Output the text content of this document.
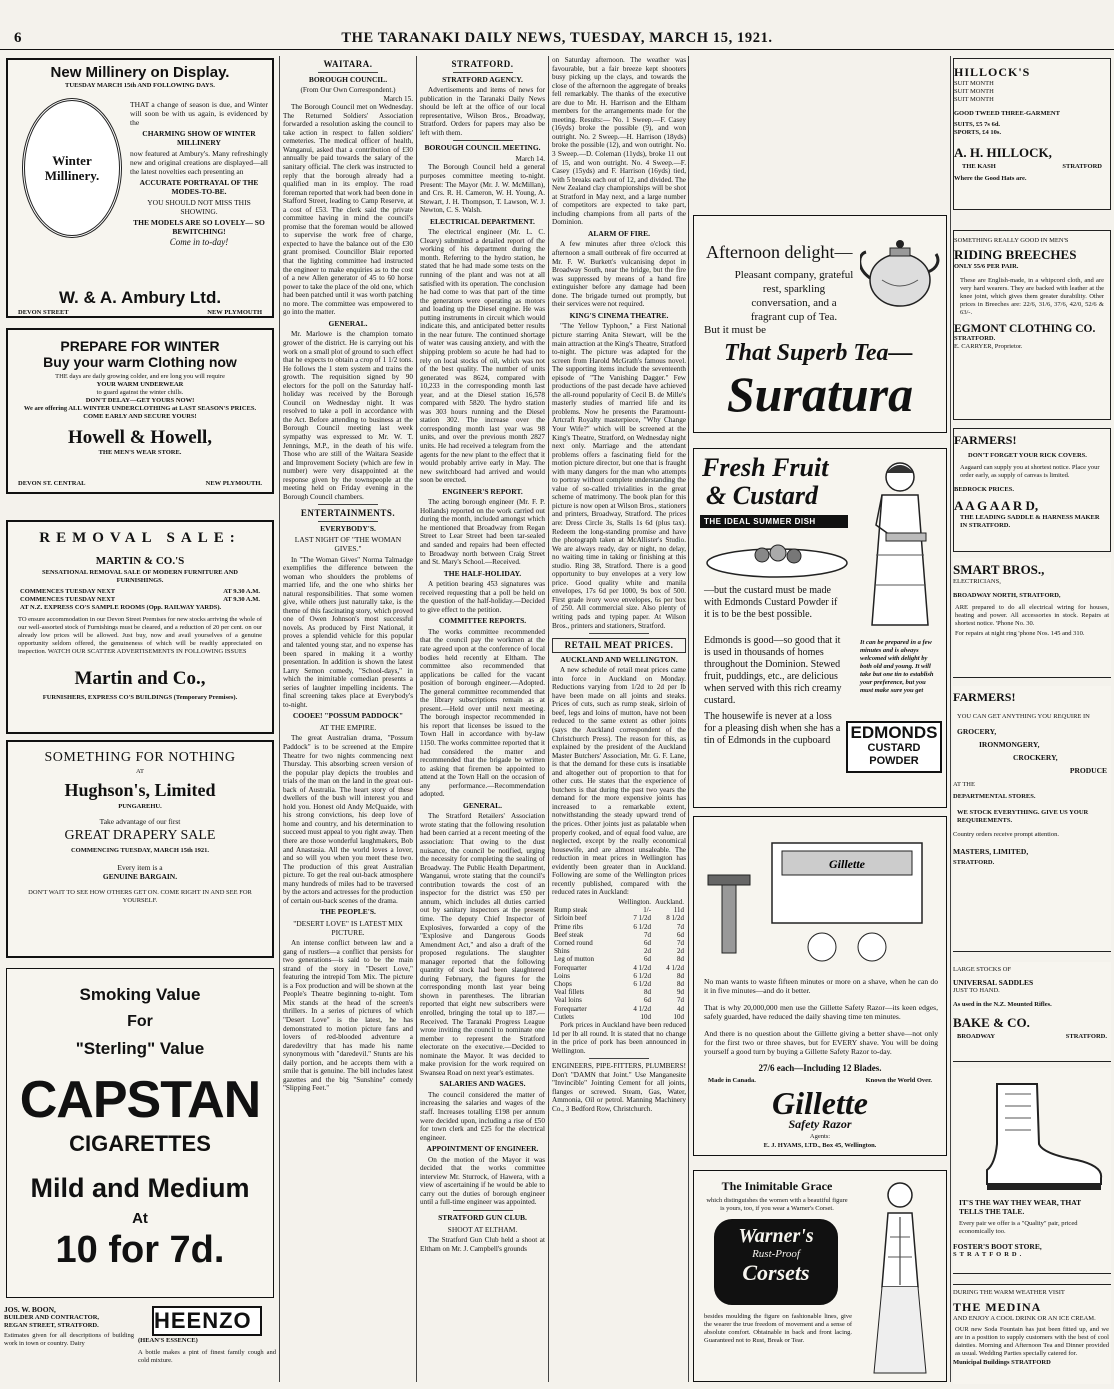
6	THE TARANAKI DAILY NEWS, TUESDAY, MARCH 15, 1921.
New Millinery on Display.
TUESDAY MARCH 15th AND FOLLOWING DAYS.
Winter Millinery.
THAT a change of season is due, and Winter will soon be with us again, is evidenced by the
CHARMING SHOW OF WINTER MILLINERY
now featured at Ambury's. Many refreshingly new and original creations are displayed—all the latest novelties each presenting an
ACCURATE PORTRAYAL OF THE MODES-TO-BE.
YOU SHOULD NOT MISS THIS SHOWING.
THE MODELS ARE SO LOVELY— SO BEWITCHING!
Come in to-day!
W. & A. Ambury Ltd.
DEVON STREET	NEW PLYMOUTH
PREPARE FOR WINTER
Buy your warm Clothing now
THE days are daily growing colder, and ere long you will require
YOUR WARM UNDERWEAR
to guard against the winter chills.
DON'T DELAY—GET YOURS NOW!
We are offering ALL WINTER UNDERCLOTHING at LAST SEASON'S PRICES.
COME EARLY AND SECURE YOURS!
Howell & Howell,
THE MEN'S WEAR STORE.
DEVON ST. CENTRAL	NEW PLYMOUTH.
REMOVAL SALE:
MARTIN & CO.'S
SENSATIONAL REMOVAL SALE OF MODERN FURNITURE AND FURNISHINGS.
COMMENCES TUESDAY NEXT	AT 9.30 A.M.
COMMENCES TUESDAY NEXT	AT 9.30 A.M.
AT N.Z. EXPRESS CO'S SAMPLE ROOMS (Opp. RAILWAY YARDS).
TO ensure accommodation in our Devon Street Premises for new stocks arriving the whole of our well-assorted stock of Furnishings must be cleared, and a reduction of 20 per cent. on our already low prices will be allowed. Just buy, now and avail yourselves of a genuine opportunity seldom offered, the genuineness of which will be readily appreciated on inspection. WATCH OUR SCATTER ADVERTISEMENTS IN FOLLOWING ISSUES
Martin and Co.,
FURNISHERS, EXPRESS CO'S BUILDINGS (Temporary Premises).
SOMETHING FOR NOTHING
AT
Hughson's, Limited
PUNGAREHU.
Take advantage of our first
GREAT DRAPERY SALE
COMMENCING TUESDAY, MARCH 15th 1921.
Every item is a
GENUINE BARGAIN.
DON'T WAIT TO SEE HOW OTHERS GET ON. COME RIGHT IN AND SEE FOR YOURSELF.
Smoking Value
For
"Sterling" Value
CAPSTAN
CIGARETTES
Mild and Medium
At
10 for 7d.
JOS. W. BOON,
BUILDER AND CONTRACTOR,
REGAN STREET, STRATFORD.
Estimates given for all descriptions of building work in town or country. Dairy
HEENZO
(HEAN'S ESSENCE)
A bottle makes a pint of finest family cough and cold mixture.
WAITARA.
BOROUGH COUNCIL.
(From Our Own Correspondent.)
March 15.

The Borough Council met on Wednesday. The Returned Soldiers' Association forwarded a resolution asking the council to take action in respect to fallen soldiers' cemeteries. The medical officer of health, Wanganui, asked that a contribution of £30 annually be paid towards the salary of the sanitary official. The clerk was instructed to reply that the borough already had a qualified man in its employ. The road foreman reported that work had been done in Stafford Street, leading to Camp Reserve, at a cost of £53. The clerk said the private committee having in mind the council's promise that the foreman would be allowed to supervise the work free of charge, expected to have the balance out of the £30 grant promised. Councillor Blair reported that the lighting committee had instructed the engineer to make enquiries as to the cost of a new Allen generator of 45 to 60 horse power to take the place of the old one, which had been patched until it was worth patching no more. The committee was empowered to go into the matter.

GENERAL.

Mr. Marlowe is the champion tomato grower of the district. He is carrying out his work on a small plot of ground to such effect that he expects to obtain a crop of 1 1/2 tons. He follows the 1 stem system and trains the growth. The requisition signed by 90 electors for the poll on the Saturday half-holiday was received by the Borough Council on Wednesday night. It was resolved to take a poll in accordance with the Act. Before attending to business at the Borough Council meeting last week sympathy was expressed to Mr. W. T. Jennings, M.P., in the death of his wife. Those who are still of the Waitara Seaside and Improvement Society (which are few in number) were very disappointed at the response given by the townspeople at the meeting held on Friday evening in the Borough Council chambers.

ENTERTAINMENTS.
EVERYBODY'S.
LAST NIGHT OF "THE WOMAN GIVES."

In "The Woman Gives" Norma Talmadge exemplifies the difference between the woman who shoulders the problems of married life, and the one who shirks her natural responsibilities. That some women give, while others just naturally take, is the theme of this fascinating story, which proved one of Owen Johnson's most successful novels. As produced by First National, it proves a splendid vehicle for this popular and talented young star, and no expense has been spared in making it a worthy presentation. In addition is shown the latest Larry Semon comedy, "School-days," in which the inimitable comedian presents a series of laughter impelling incidents. The final screening takes place at Everybody's to-night.

COOEE! "POSSUM PADDOCK"
AT THE EMPIRE.

The great Australian drama, "Possum Paddock" is to be screened at the Empire Theatre for two nights commencing next Thursday. This absorbing screen version of the popular play depicts the troubles and trials of the man on the land in the great out-back of Australia. The heart story of these dwellers of the bush will interest you and hold you. Honest old Andy McQuaide, with his strong convictions, his deep love of home and country, and his determination to succeed must appeal to you right away. Then there are those wonderful laughmakers, Bob and Anastasia. All the world loves a lover, and so will you when you meet these two. The production of this great Australian picture. To get the real out-back atmosphere many hundreds of miles had to be traversed by the actors and actresses for the production of certain out-back scenes of the drama.

THE PEOPLE'S.
"DESERT LOVE" IS LATEST MIX PICTURE.

An intense conflict between law and a gang of rustlers—a conflict that persists for two generations—is said to be the main strand of the story in "Desert Love," featuring the intrepid Tom Mix. The picture is a Fox production and will be shown at the People's Theatre beginning to-night. Tom Mix stands at the head of the screen's thrillers. In a series of pictures of which "Desert Love" is the latest, he has demonstrated to motion picture fans and lovers of red-blooded adventure a daredeviltry that has made his name synonymous with "daredevil." Stunts are his daily portion, and he accepts them with a smile that is genuine. The bill includes latest gazettes and the big "Sunshine" comedy "Slipping Feet."

STRATFORD.
STRATFORD AGENCY.

Advertisements and items of news for publication in the Taranaki Daily News should be left at the office of our local representative, Wilson Bros., Broadway, Stratford. Orders for papers may also be left with them.

BOROUGH COUNCIL MEETING.
March 14.

The Borough Council held a general purposes committee meeting to-night. Present: The Mayor (Mr. J. W. McMillan), and Crs. R. H. Cameron, W. H. Young, A. Stewart, J. H. Thompson, T. Lawson, W. J. Newton, C. S. Walsh.

ELECTRICAL DEPARTMENT.

The electrical engineer (Mr. L. C. Cleary) submitted a detailed report of the working of his department during the month. Referring to the hydro station, he stated that he had made some tests on the running of the plant and was not at all satisfied with its operation. The conclusion he had come to was that part of the time the generators were operating as motors and loading up the Diesel engine. He was putting instruments in circuit which would indicate this, and anticipated better results in the near future. The continued shortage of water was causing anxiety, and with the shipping problem so acute he had had to rely on local stocks of oil, which was not of the best quality. The number of units generated was 8624, compared with 10,233 in the corresponding month last year, and at the Diesel station 16,578 compared with 5820. The hydro station was 303 hours running and the Diesel station 302. The increase over the corresponding month last year was 98 units, and over the previous month 2827 units. He had received a telegram from the agents for the new plant to the effect that it would probably arrive early in May. The new switchboard had arrived and would soon be erected.

ENGINEER'S REPORT.

The acting borough engineer (Mr. F. P. Hollands) reported on the work carried out during the month, included amongst which he mentioned that Broadway from Regan Street to Lear Street had been tar-sealed and sanded and repairs had been effected to Broadway north between Craig Street and St. Mary's School.—Received.

THE HALF-HOLIDAY.

A petition bearing 453 signatures was received requesting that a poll be held on the question of the half-holiday.—Decided to give effect to the petition.

COMMITTEE REPORTS.

The works committee recommended that the council pay the workmen at the rate agreed upon at the conference of local bodies held recently at Eltham. The committee also recommended that applications be called for the vacant position of borough engineer.—Adopted. The general committee recommended that the library subscriptions remain as at present.—Held over until next meeting. The borough inspector recommended in his report that licenses be issued to the Town Hall in accordance with by-law 1150. The works committee reported that it had considered the matter and recommended that the brigade be written to asking that firemen be appointed to attend at the Town Hall on the occasion of any performance.—Recommendation adopted.

GENERAL.

The Stratford Retailers' Association wrote stating that the following resolution had been carried at a recent meeting of the association: That owing to the dust nuisance, the council be notified, urging the necessity for completing the sealing of Broadway. The Public Health Department, Wanganui, wrote stating that the council's contribution towards the cost of an inspector for the district was £50 per annum, which includes all duties carried out by sanitary inspectors at the present time. The deputy Chief Inspector of Explosives, forwarded a copy of the "Explosive and Dangerous Goods Amendment Act," and also a draft of the proposed regulations. The slaughter manager reported that the following quantity of stock had been slaughtered during February, the figures for the corresponding month last year being shown in parentheses. The librarian reported that eight new subscribers were enrolled, bringing the total up to 187.—Received. The Taranaki Progress League wrote inviting the council to nominate one member to represent the Stratford electorate on the executive.—Decided to nominate the Mayor. It was decided to make provision for the work required on Swansea Road on next year's estimates.

SALARIES AND WAGES.

The council considered the matter of increasing the salaries and wages of the staff. Increases totalling £198 per annum were decided upon, including a rise of £50 for town clerk and £25 for the electrical engineer.

APPOINTMENT OF ENGINEER.

On the motion of the Mayor it was decided that the works committee interview Mr. Sturrock, of Hawera, with a view of ascertaining if he would be able to carry out the duties of borough engineer until a full-time engineer was appointed.

STRATFORD GUN CLUB.
SHOOT AT ELTHAM.

The Stratford Gun Club held a shoot at Eltham on Mr. J. Campbell's grounds

on Saturday afternoon. The weather was favourable, but a fair breeze kept shooters busy picking up the clays, and towards the close of the afternoon the aggregate of breaks fell remarkably. The thanks of the executive are due to Mr. H. Harrison and the Eltham members for the arrangements made for the meeting. Results:— No. 1 Sweep.—F. Casey (16yds) broke the possible (9), and won outright. No. 2 Sweep.—H. Harrison (18yds) broke the possible (12), and won outright. No. 3 Sweep.—D. Coleman (11yds), broke 11 out of 15, and won outright. No. 4 Sweep.—F. Casey (15yds) and F. Harrison (16yds) tied, with 5 breaks each out of 12, and divided. The New Zealand clay championships will be shot at Stratford in May next, and a large number of competitors are expected to take part, including champions from all parts of the Dominion.

ALARM OF FIRE.

A few minutes after three o'clock this afternoon a small outbreak of fire occurred at Mr. F. W. Burkett's vulcanising depot in Broadway South, near the bridge, but the fire was suppressed by means of a hand fire extinguisher before any damage had been done. The brigade turned out promptly, but their services were not required.

KING'S CINEMA THEATRE.

"The Yellow Typhoon," a First National picture starring Anita Stewart, will be the main attraction at the King's Theatre, Stratford to-night. The picture was adapted for the screen from Harold McGrath's famous novel. The supporting items include the seventeenth episode of "The Vanishing Dagger." Few productions of the past decade have achieved the all-round popularity of Cecil B. de Mille's masterly studies of married life and its problems. Now he presents the Paramount-Artcraft Royalty masterpiece, "Why Change Your Wife?" which will be screened at the King's Theatre, Stratford, on Wednesday night next only. Marriage and the attendant problems offers a fascinating field for the motion picture director, but one that is fraught with many dangers for the man who attempts to portray without complete understanding the value of so-called trivialities in the great scheme of matrimony. The book plan for this picture is now open at Wilson Bros., stationers and printers, Broadway, Stratford. The prices are: Dress Circle 3s, Stalls 1s 6d (plus tax). Redeem the long-standing promise and have the photograph taken at McAllister's Studio. We are always ready, day or night, no delay, no waiting time in taking or finishing at this studio. Ring 38, Stratford. There is a good opportunity to buy envelopes at a very low price. Good quality white and manila envelopes, 17s 6d per 1000, 9s box of 500. First grade ivory wove envelopes, 6s per box of 250. All commercial size. Also plenty of writing pads and typing paper. At Wilson Bros., printers and stationers, Stratford.

RETAIL MEAT PRICES.
AUCKLAND AND WELLINGTON.

A new schedule of retail meat prices came into force in Auckland on Monday. Reductions varying from 1/2d to 2d per lb have been made on all joints and steaks. Prices of cuts, such as rump steak, sirloin of beef, legs and loins of mutton, have not been reduced to the same extent as other joints (says the Auckland correspondent of the Christchurch Press). The reason for this, as explained by the president of the Auckland Master Butchers' Association, Mr. G. F. Lane, is that the demand for these cuts is insatiable and altogether out of proportion to that for other cuts. He states that the experience of butchers is that during the past two years the demand for the more expensive joints has increased to a remarkable extent, notwithstanding the steady upward trend of the prices. Other joints just as palatable when properly cooked, and of equal food value, are neglected, except by the really economical housewife, and are almost unsaleable. The reduction in meat prices in Wellington has evidently been greater than in Auckland. Following are some of the Wellington prices recently published, compared with the reduced rates in Auckland:

	Wellington.	Auckland.
Rump steak	1/-	11d
Sirloin beef	7 1/2d	8 1/2d
Prime ribs	6 1/2d	7d
Beef steak	7d	6d
Corned round	6d	7d
Shins	2d	2d
Leg of mutton	6d	8d
Forequarter	4 1/2d	4 1/2d
Loins	6 1/2d	8d
Chops	6 1/2d	8d
Veal fillets	8d	9d
Veal loins	6d	7d
Forequarter	4 1/2d	4d
Cutlets	10d	10d

Pork prices in Auckland have been reduced 1d per lb all round. It is stated that no change in the price of pork has been announced in Wellington.

ENGINEERS, PIPE-FITTERS, PLUMBERS! Don't "DAMN that Joint." Use Manganesite "Invincible" Jointing Cement for all joints, flanges or screwed. Steam, Gas, Water, Ammonia, Oil or petrol. Manning Machinery Co., 3 Bedford Row, Christchurch.

Afternoon delight—
Pleasant company, grateful rest, sparkling conversation, and a fragrant cup of Tea.
But it must be
That Superb Tea—
Suratura
Fresh Fruit
& Custard
THE IDEAL SUMMER DISH
—but the custard must be made with Edmonds Custard Powder if it is to be the best possible.
Edmonds is good—so good that it is used in thousands of homes throughout the Dominion. Stewed fruit, puddings, etc., are delicious when served with this rich creamy custard.
The housewife is never at a loss for a pleasing dish when she has a tin of Edmonds in the cupboard
It can be prepared in a few minutes and is always welcomed with delight by both old and young. It will take but one tin to establish your preference, but you must make sure you get
EDMONDS
CUSTARD
POWDER
Gillette
No man wants to waste fifteen minutes or more on a shave, when he can do it in five minutes—and do it better.
That is why 20,000,000 men use the Gillette Safety Razor—its keen edges, safely guarded, have reduced the daily shaving time ten minutes.
And there is no question about the Gillette giving a better shave—not only for the first two or three shaves, but for EVERY shave. You will be doing yourself a good turn by buying a Gillette Safety Razor to-day.
27/6 each—Including 12 Blades.
Made in Canada.	Known the World Over.
Gillette
Safety Razor
Agents:
E. J. HYAMS, LTD., Box 45, Wellington.
The Inimitable Grace
which distinguishes the women with a beautiful figure is yours, too, if you wear a Warner's Corset.
Warner's
Rust-Proof
Corsets
besides moulding the figure on fashionable lines, give the wearer the true freedom of movement and a sense of absolute comfort. Obtainable in back and front lacing. Guaranteed not to Rust, Break or Tear.
HILLOCK'S
SUIT MONTH
SUIT MONTH
SUIT MONTH
GOOD TWEED THREE-GARMENT
SUITS, £5 7s 6d.
SPORTS, £4 10s.
A. H. HILLOCK,
THE KASH	STRATFORD
Where the Good Hats are.
SOMETHING REALLY GOOD IN MEN'S
RIDING BREECHES
ONLY 55/6 PER PAIR.
These are English-made, in a whipcord cloth, and are very hard wearers. They are backed with leather at the knee joint, which gives them greater durability. Other prices in Breeches are: 22/6, 31/6, 37/6, 42/0, 52/6 & 63/-.
EGMONT CLOTHING CO.
STRATFORD.
E. CARRYER, Proprietor.
FARMERS!
DON'T FORGET YOUR RICK COVERS.
Aagaard can supply you at shortest notice. Place your order early, as supply of canvas is limited.
BEDROCK PRICES.
A A G A A R D,
THE LEADING SADDLE & HARNESS MAKER IN STRATFORD.
SMART BROS.,
ELECTRICIANS,
BROADWAY NORTH, STRATFORD,
ARE prepared to do all electrical wiring for houses, heating and power. All accessories in stock. Repairs at shortest notice. 'Phone No. 30.
For repairs at night ring 'phone Nos. 145 and 310.
FARMERS!
YOU CAN GET ANYTHING YOU REQUIRE IN
GROCERY,
IRONMONGERY,
CROCKERY,
PRODUCE
AT THE
DEPARTMENTAL STORES.
WE STOCK EVERYTHING. GIVE US YOUR REQUIREMENTS.
Country orders receive prompt attention.
MASTERS, LIMITED,
STRATFORD.
LARGE STOCKS OF
UNIVERSAL SADDLES
JUST TO HAND.
As used in the N.Z. Mounted Rifles.
BAKE & CO.
BROADWAY	STRATFORD.
IT'S THE WAY THEY WEAR, THAT TELLS THE TALE.
Every pair we offer is a "Quality" pair, priced economically too.
FOSTER'S BOOT STORE,
STRATFORD.
DURING THE WARM WEATHER VISIT
THE MEDINA
AND ENJOY A COOL DRINK OR AN ICE CREAM.
OUR new Soda Fountain has just been fitted up, and we are in a position to supply customers with the best of cool dainties. Morning and Afternoon Tea and Dinner provided as usual. Wedding Parties specially catered for.
Municipal Buildings STRATFORD
